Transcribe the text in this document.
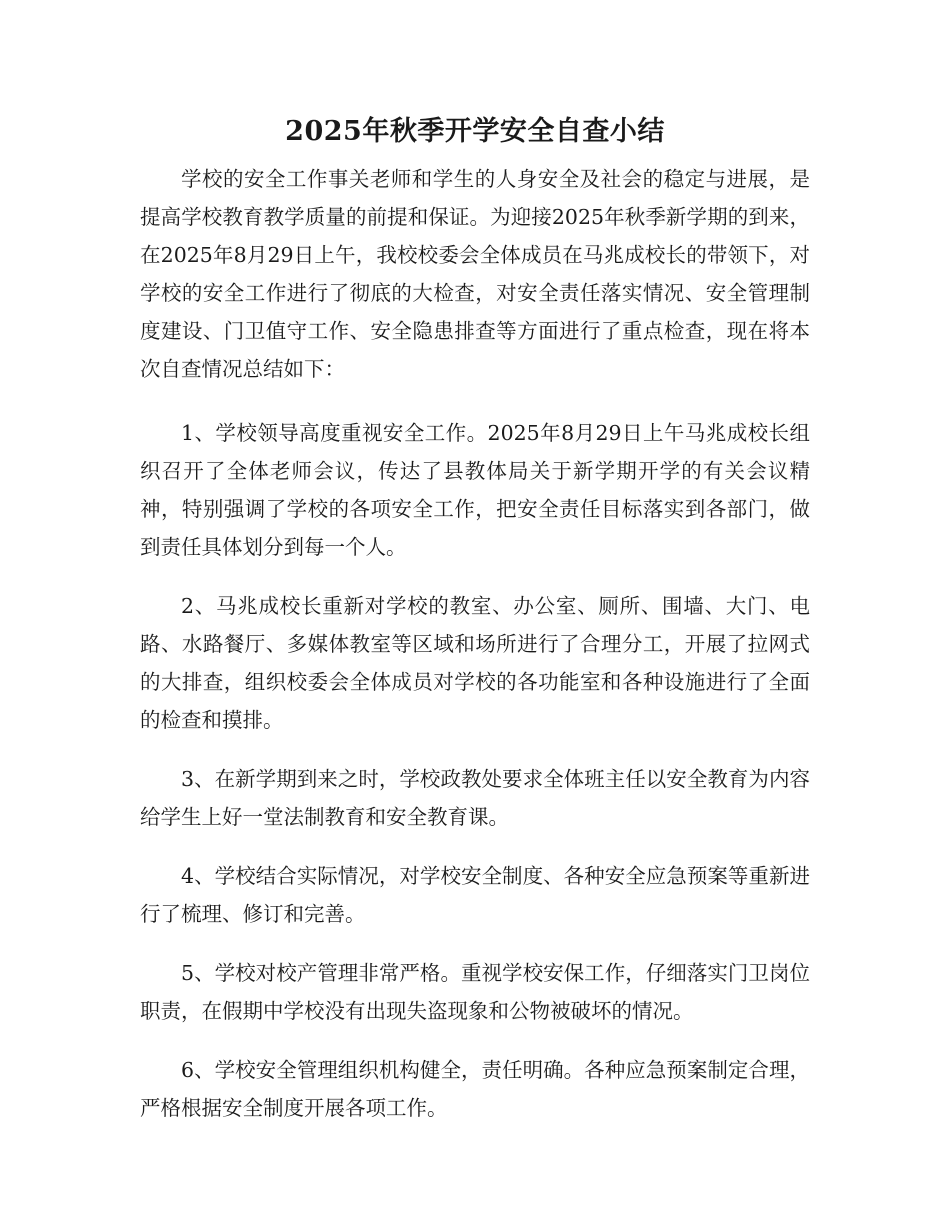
2025年秋季开学安全自查小结

学校的安全工作事关老师和学生的人身安全及社会的稳定与进展，是提高学校教育教学质量的前提和保证。为迎接2025年秋季新学期的到来，在2025年8月29日上午，我校校委会全体成员在马兆成校长的带领下，对学校的安全工作进行了彻底的大检查，对安全责任落实情况、安全管理制度建设、门卫值守工作、安全隐患排查等方面进行了重点检查，现在将本次自查情况总结如下：

1、学校领导高度重视安全工作。2025年8月29日上午马兆成校长组织召开了全体老师会议，传达了县教体局关于新学期开学的有关会议精神，特别强调了学校的各项安全工作，把安全责任目标落实到各部门，做到责任具体划分到每一个人。

2、马兆成校长重新对学校的教室、办公室、厕所、围墙、大门、电路、水路餐厅、多媒体教室等区域和场所进行了合理分工，开展了拉网式的大排查，组织校委会全体成员对学校的各功能室和各种设施进行了全面的检查和摸排。

3、在新学期到来之时，学校政教处要求全体班主任以安全教育为内容给学生上好一堂法制教育和安全教育课。

4、学校结合实际情况，对学校安全制度、各种安全应急预案等重新进行了梳理、修订和完善。

5、学校对校产管理非常严格。重视学校安保工作，仔细落实门卫岗位职责，在假期中学校没有出现失盗现象和公物被破坏的情况。

6、学校安全管理组织机构健全，责任明确。各种应急预案制定合理，严格根据安全制度开展各项工作。
